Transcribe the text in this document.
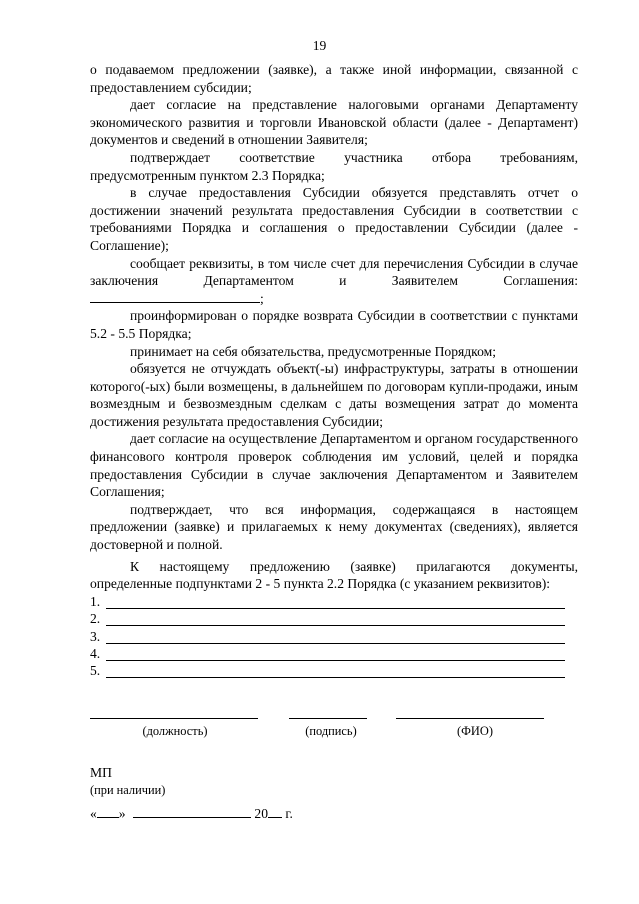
19

о подаваемом предложении (заявке), а также иной информации, связанной с предоставлением субсидии;

дает согласие на представление налоговыми органами Департаменту экономического развития и торговли Ивановской области (далее - Департамент) документов и сведений в отношении Заявителя;

подтверждает соответствие участника отбора требованиям, предусмотренным пунктом 2.3 Порядка;

в случае предоставления Субсидии обязуется представлять отчет о достижении значений результата предоставления Субсидии в соответствии с требованиями Порядка и соглашения о предоставлении Субсидии (далее - Соглашение);

сообщает реквизиты, в том числе счет для перечисления Субсидии в случае заключения Департаментом и Заявителем Соглашения:

;

проинформирован о порядке возврата Субсидии в соответствии с пунктами 5.2 - 5.5 Порядка;

принимает на себя обязательства, предусмотренные Порядком;

обязуется не отчуждать объект(-ы) инфраструктуры, затраты в отношении которого(-ых) были возмещены, в дальнейшем по договорам купли-продажи, иным возмездным и безвозмездным сделкам с даты возмещения затрат до момента достижения результата предоставления Субсидии;

дает согласие на осуществление Департаментом и органом государственного финансового контроля проверок соблюдения им условий, целей и порядка предоставления Субсидии в случае заключения Департаментом и Заявителем Соглашения;

подтверждает, что вся информация, содержащаяся в настоящем предложении (заявке) и прилагаемых к нему документах (сведениях), является достоверной и полной.

К настоящему предложению (заявке) прилагаются документы, определенные подпунктами 2 - 5 пункта 2.2 Порядка (с указанием реквизитов):

1.
2.
3.
4.
5.
(должность)	(подпись)	(ФИО)
МП
(при наличии)
« »	20 г.
